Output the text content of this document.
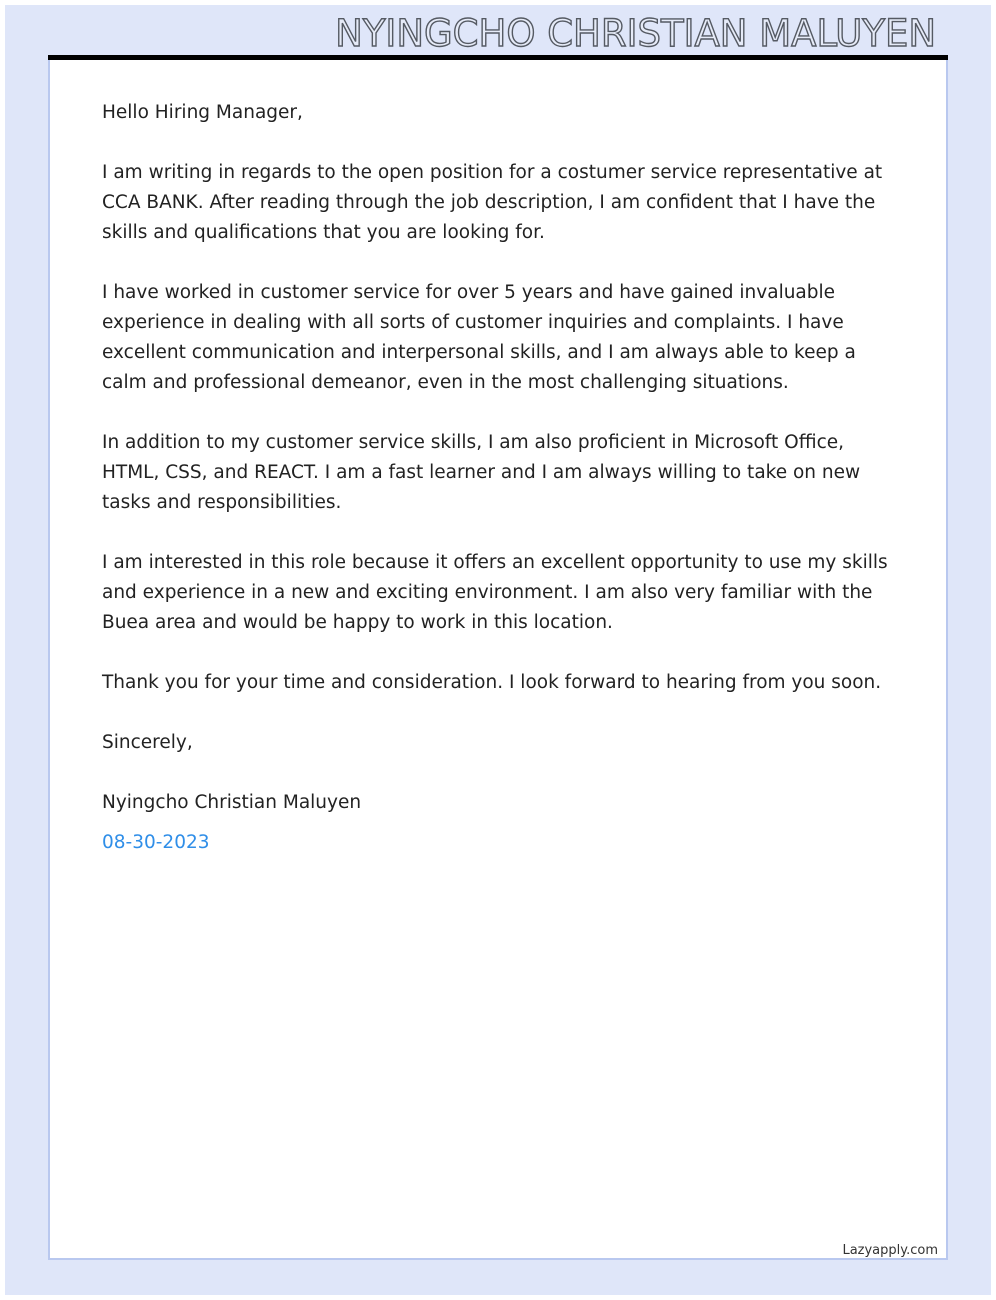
NYINGCHO CHRISTIAN MALUYEN

Hello Hiring Manager,

I am writing in regards to the open position for a costumer service representative at CCA BANK. After reading through the job description, I am confident that I have the skills and qualifications that you are looking for.

I have worked in customer service for over 5 years and have gained invaluable experience in dealing with all sorts of customer inquiries and complaints. I have excellent communication and interpersonal skills, and I am always able to keep a calm and professional demeanor, even in the most challenging situations.

In addition to my customer service skills, I am also proficient in Microsoft Office, HTML, CSS, and REACT. I am a fast learner and I am always willing to take on new tasks and responsibilities.

I am interested in this role because it offers an excellent opportunity to use my skills and experience in a new and exciting environment. I am also very familiar with the Buea area and would be happy to work in this location.

Thank you for your time and consideration. I look forward to hearing from you soon.

Sincerely,

Nyingcho Christian Maluyen

08-30-2023

Lazyapply.com
